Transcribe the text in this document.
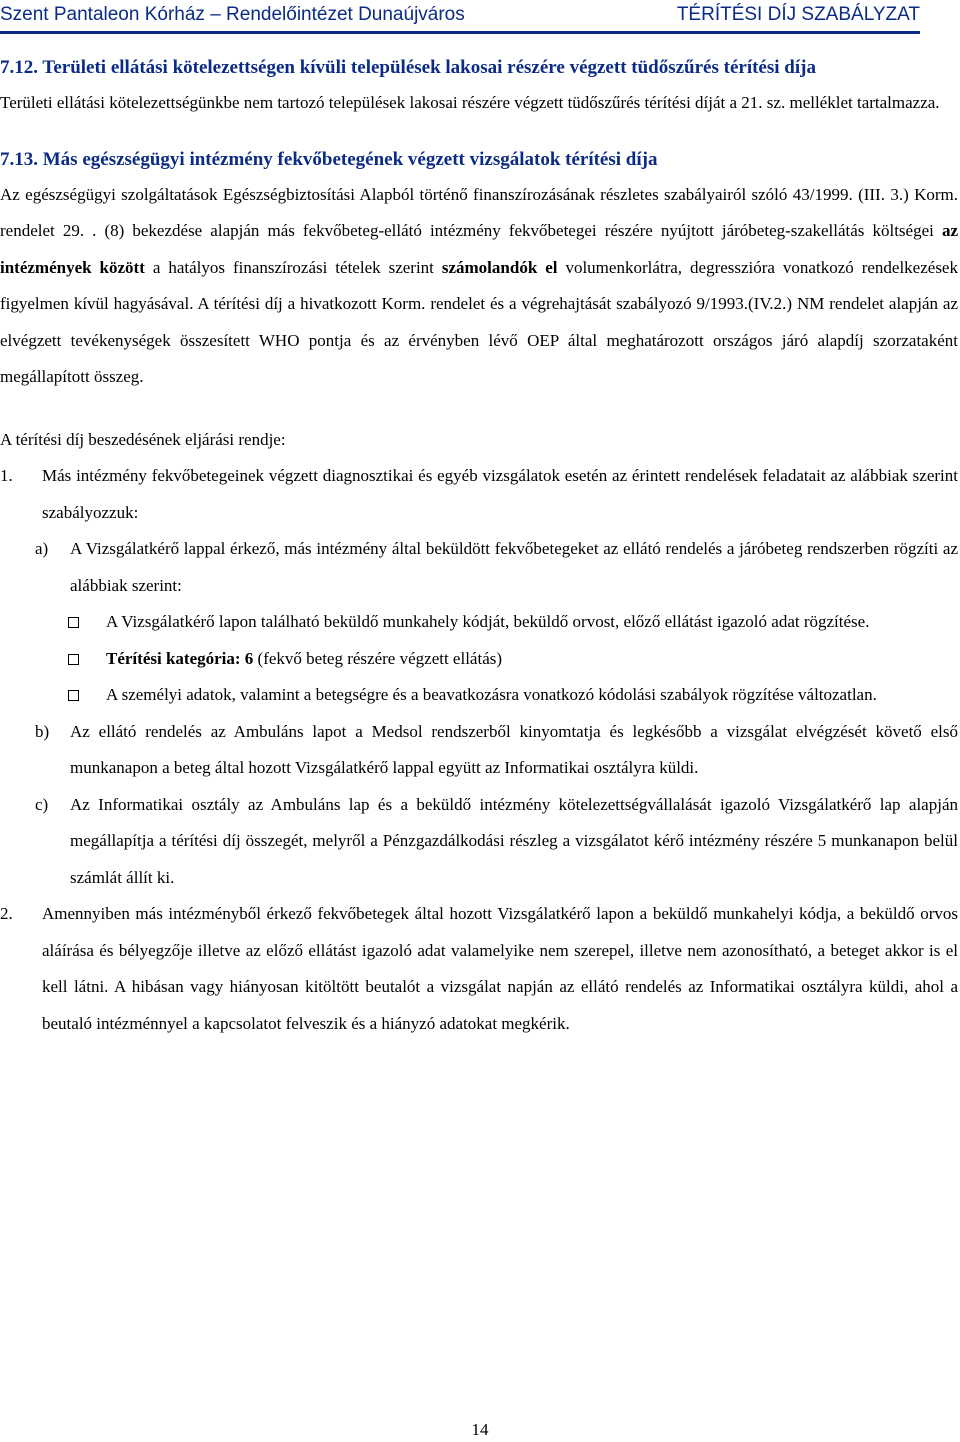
Szent Pantaleon Kórház – Rendelőintézet Dunaújváros	TÉRÍTÉSI DÍJ SZABÁLYZAT

7.12. Területi ellátási kötelezettségen kívüli települések lakosai részére végzett tüdőszűrés térítési díja

Területi ellátási kötelezettségünkbe nem tartozó települések lakosai részére végzett tüdőszűrés térítési díját a 21. sz. melléklet tartalmazza.

7.13. Más egészségügyi intézmény fekvőbetegének végzett vizsgálatok térítési díja

Az egészségügyi szolgáltatások Egészségbiztosítási Alapból történő finanszírozásának részletes szabályairól szóló 43/1999. (III. 3.) Korm. rendelet 29. . (8) bekezdése alapján más fekvőbeteg-ellátó intézmény fekvőbetegei részére nyújtott járóbeteg-szakellátás költségei az intézmények között a hatályos finanszírozási tételek szerint számolandók el volumenkorlátra, degresszióra vonatkozó rendelkezések figyelmen kívül hagyásával. A térítési díj a hivatkozott Korm. rendelet és a végrehajtását szabályozó 9/1993.(IV.2.) NM rendelet alapján az elvégzett tevékenységek összesített WHO pontja és az érvényben lévő OEP által meghatározott országos járó alapdíj szorzataként megállapított összeg.

A térítési díj beszedésének eljárási rendje:

1. Más intézmény fekvőbetegeinek végzett diagnosztikai és egyéb vizsgálatok esetén az érintett rendelések feladatait az alábbiak szerint szabályozzuk:

a) A Vizsgálatkérő lappal érkező, más intézmény által beküldött fekvőbetegeket az ellátó rendelés a járóbeteg rendszerben rögzíti az alábbiak szerint:

A Vizsgálatkérő lapon található beküldő munkahely kódját, beküldő orvost, előző ellátást igazoló adat rögzítése.

Térítési kategória: 6 (fekvő beteg részére végzett ellátás)

A személyi adatok, valamint a betegségre és a beavatkozásra vonatkozó kódolási szabályok rögzítése változatlan.

b) Az ellátó rendelés az Ambuláns lapot a Medsol rendszerből kinyomtatja és legkésőbb a vizsgálat elvégzését követő első munkanapon a beteg által hozott Vizsgálatkérő lappal együtt az Informatikai osztályra küldi.

c) Az Informatikai osztály az Ambuláns lap és a beküldő intézmény kötelezettségvállalását igazoló Vizsgálatkérő lap alapján megállapítja a térítési díj összegét, melyről a Pénzgazdálkodási részleg a vizsgálatot kérő intézmény részére 5 munkanapon belül számlát állít ki.

2. Amennyiben más intézményből érkező fekvőbetegek által hozott Vizsgálatkérő lapon a beküldő munkahelyi kódja, a beküldő orvos aláírása és bélyegzője illetve az előző ellátást igazoló adat valamelyike nem szerepel, illetve nem azonosítható, a beteget akkor is el kell látni. A hibásan vagy hiányosan kitöltött beutalót a vizsgálat napján az ellátó rendelés az Informatikai osztályra küldi, ahol a beutaló intézménnyel a kapcsolatot felveszik és a hiányzó adatokat megkérik.

14
